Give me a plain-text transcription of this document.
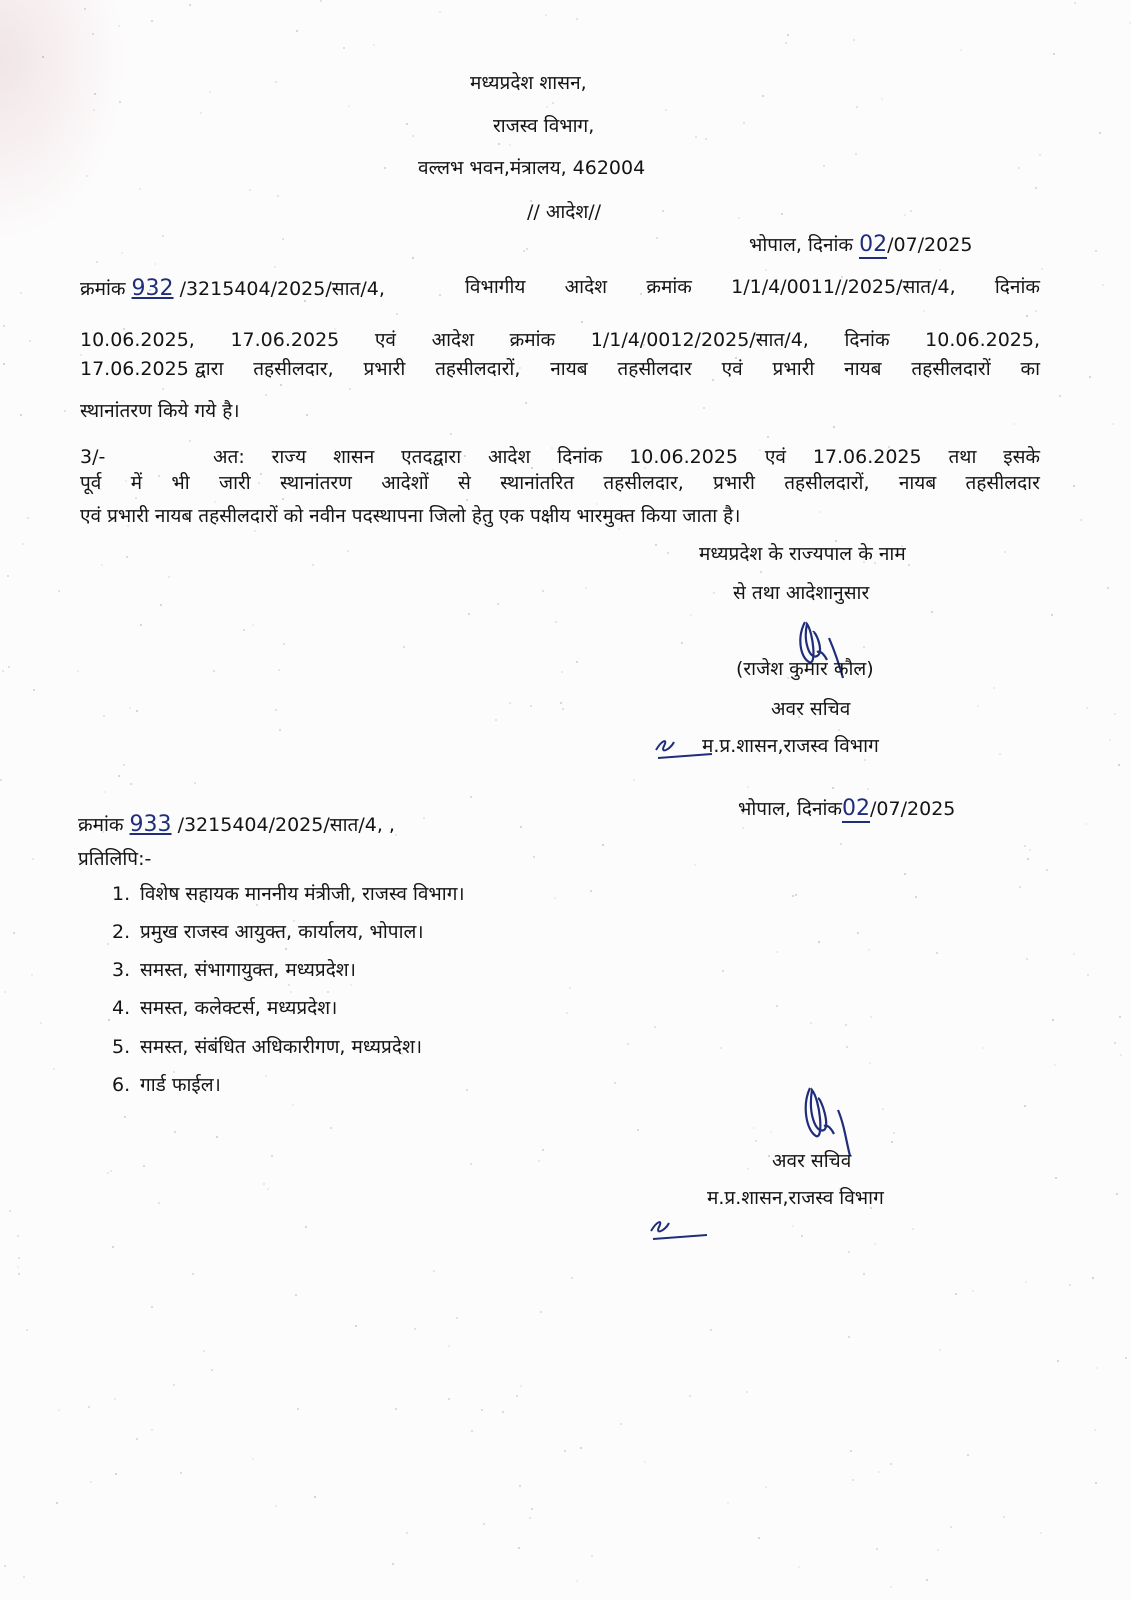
मध्यप्रदेश शासन,
राजस्व विभाग,
वल्लभ भवन,मंत्रालय, 462004
// आदेश//
भोपाल, दिनांक 02/07/2025
क्रमांक 932 /3215404/2025/सात/4,	विभागीय आदेश क्रमांक 1/1/4/0011//2025/सात/4, दिनांक
10.06.2025, 17.06.2025 एवं आदेश क्रमांक 1/1/4/0012/2025/सात/4, दिनांक 10.06.2025,
17.06.2025 द्वारा तहसीलदार, प्रभारी तहसीलदारों, नायब तहसीलदार एवं प्रभारी नायब तहसीलदारों का
स्थानांतरण किये गये है।
3/-	अत: राज्य शासन एतदद्वारा आदेश दिनांक 10.06.2025 एवं 17.06.2025 तथा इसके
पूर्व में भी जारी स्थानांतरण आदेशों से स्थानांतरित तहसीलदार, प्रभारी तहसीलदारों, नायब तहसीलदार
एवं प्रभारी नायब तहसीलदारों को नवीन पदस्थापना जिलो हेतु एक पक्षीय भारमुक्त किया जाता है।
मध्यप्रदेश के राज्यपाल के नाम
से तथा आदेशानुसार
(राजेश कुमार कौल)
अवर सचिव
म.प्र.शासन,राजस्व विभाग
भोपाल, दिनांक02/07/2025
क्रमांक 933 /3215404/2025/सात/4, ,
प्रतिलिपि:-
1. विशेष सहायक माननीय मंत्रीजी, राजस्व विभाग।
2. प्रमुख राजस्व आयुक्त, कार्यालय, भोपाल।
3. समस्त, संभागायुक्त, मध्यप्रदेश।
4. समस्त, कलेक्टर्स, मध्यप्रदेश।
5. समस्त, संबंधित अधिकारीगण, मध्यप्रदेश।
6. गार्ड फाईल।
अवर सचिव
म.प्र.शासन,राजस्व विभाग
